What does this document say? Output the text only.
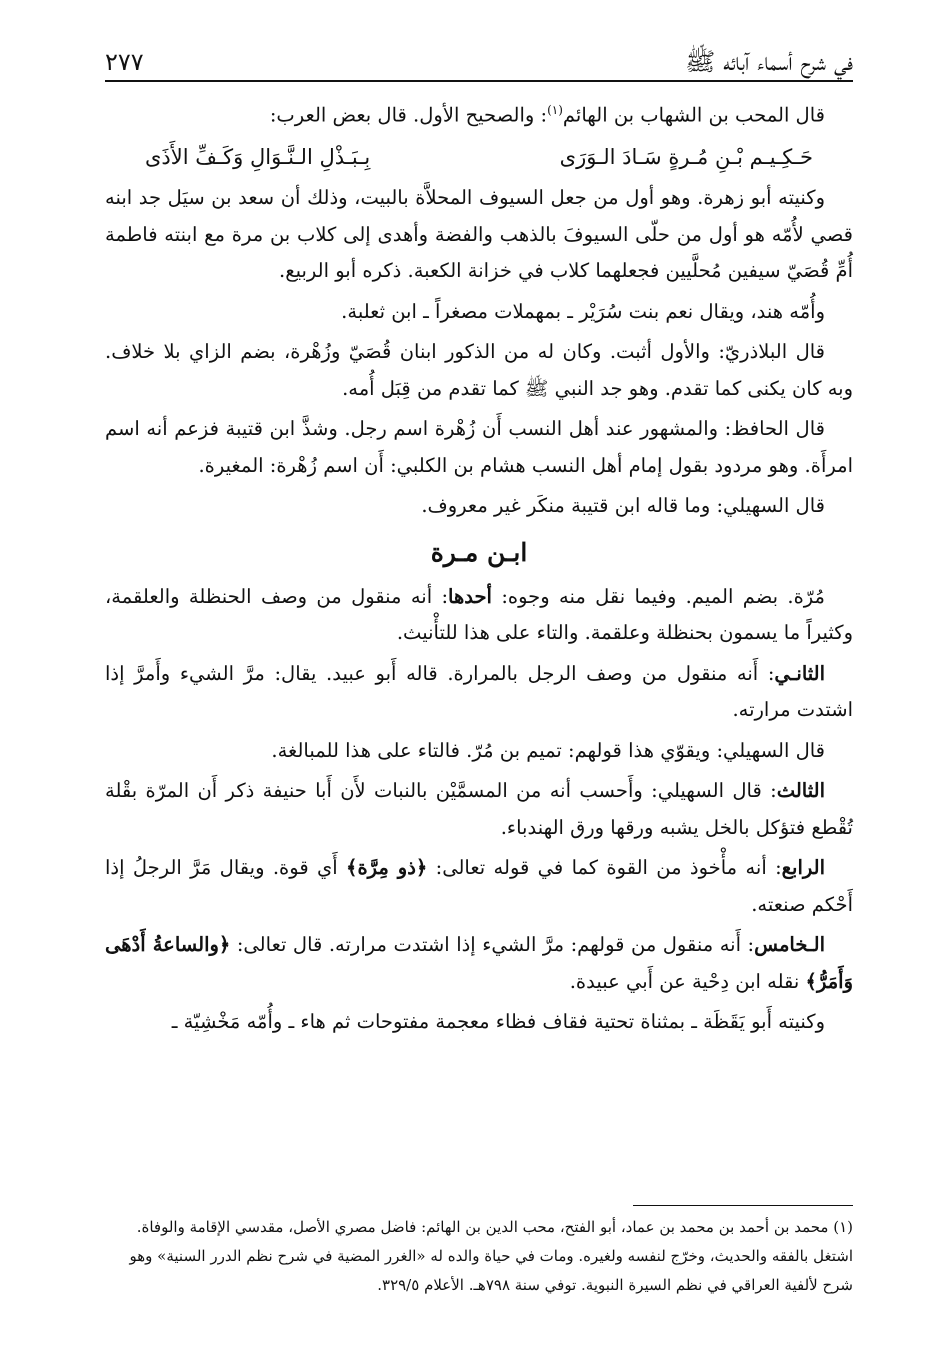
في شرح أسماء آبائه ﷺ
٢٧٧

قال المحب بن الشهاب بن الهائم$^{(١)}$: والصحيح الأول. قال بعض العرب:

حَـكِـيـم بْـنِ مُـرةٍ سَـادَ الـوَرَى
بِـبَـذْلِ الـنَّـوَالِ وَكَـفِّ الأَذَى

وكنيته أبو زهرة. وهو أول من جعل السيوف المحلاَّة بالبيت، وذلك أن سعد بن سيَل جد ابنه قصي لأُمّه هو أول من حلّى السيوفَ بالذهب والفضة وأهدى إلى كلاب بن مرة مع ابنته فاطمة أُمِّ قُصَيّ سيفين مُحلَّيين فجعلهما كلاب في خزانة الكعبة. ذكره أبو الربيع.

وأُمّه هند، ويقال نعم بنت سُرَيْر ـ بمهملات مصغراً ـ ابن ثعلبة.

قال البلاذريّ: والأول أثبت. وكان له من الذكور ابنان قُصَيّ وزُهْرة، بضم الزاي بلا خلاف. وبه كان يكنى كما تقدم. وهو جد النبي ﷺ كما تقدم من قِبَل أُمه.

قال الحافظ: والمشهور عند أهل النسب أَن زُهْرة اسم رجل. وشذَّ ابن قتيبة فزعم أنه اسم امرأَة. وهو مردود بقول إمام أهل النسب هشام بن الكلبي: أَن اسم زُهْرة: المغيرة.

قال السهيلي: وما قاله ابن قتيبة منكَر غير معروف.

ابـن مـرة

مُرّة. بضم الميم. وفيما نقل منه وجوه: أحدها: أنه منقول من وصف الحنظلة والعلقمة، وكثيراً ما يسمون بحنظلة وعلقمة. والتاء على هذا للتأْنيث.

الثانـي: أَنه منقول من وصف الرجل بالمرارة. قاله أَبو عبيد. يقال: مرَّ الشيء وأَمرَّ إذا اشتدت مرارته.

قال السهيلي: ويقوّي هذا قولهم: تميم بن مُرّ. فالتاء على هذا للمبالغة.

الثالث: قال السهيلي: وأَحسب أنه من المسمَّيْن بالنبات لأَن أَبا حنيفة ذكر أَن المرّة بقْلة تُقْطع فتؤكل بالخل يشبه ورقها ورق الهندباء.

الرابع: أنه مأْخوذ من القوة كما في قوله تعالى: ﴿ذو مِرَّة﴾ أَي قوة. ويقال مَرَّ الرجلُ إذا أَحْكم صنعته.

الـخامس: أَنه منقول من قولهم: مرَّ الشيء إذا اشتدت مرارته. قال تعالى: ﴿والساعةُ أَدْهَى وَأَمَرُّ﴾ نقله ابن دِحْية عن أَبي عبيدة.

وكنيته أَبو يَقَظَة ـ بمثناة تحتية فقاف فظاء معجمة مفتوحات ثم هاء ـ وأُمّه مَخْشِيّة ـ

(١) محمد بن أحمد بن محمد بن عماد، أبو الفتح، محب الدين بن الهائم: فاضل مصري الأصل، مقدسي الإقامة والوفاة.
اشتغل بالفقه والحديث، وخرّج لنفسه ولغيره. ومات في حياة والده له «الغرر المضية في شرح نظم الدرر السنية» وهو
شرح لألفية العراقي في نظم السيرة النبوية. توفي سنة ٧٩٨هـ. الأعلام ٣٢٩/٥.
